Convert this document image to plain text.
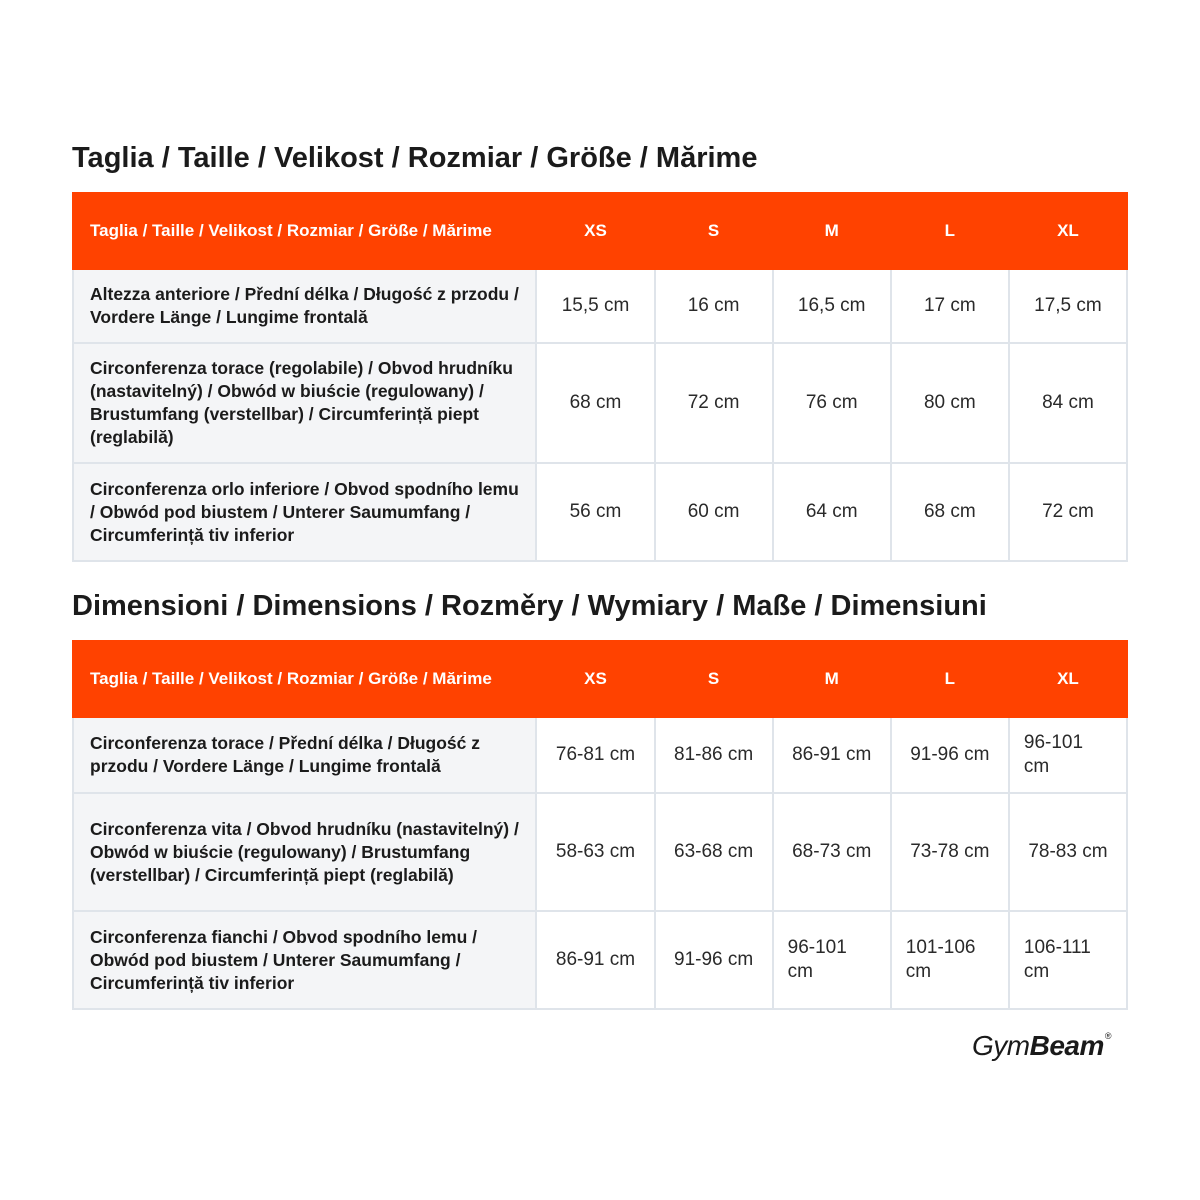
Taglia / Taille / Velikost / Rozmiar / Größe / Mărime
Taglia / Taille / Velikost / Rozmiar / Größe / Mărime	XS	S	M	L	XL
Altezza anteriore / Přední délka / Długość z przodu / Vordere Länge / Lungime frontală	15,5 cm	16 cm	16,5 cm	17 cm	17,5 cm
Circonferenza torace (regolabile) / Obvod hrudníku (nastavitelný) / Obwód w biuście (regulowany) / Brustumfang (verstellbar) / Circumferință piept (reglabilă)	68 cm	72 cm	76 cm	80 cm	84 cm
Circonferenza orlo inferiore / Obvod spodního lemu / Obwód pod biustem / Unterer Saumumfang / Circumferință tiv inferior	56 cm	60 cm	64 cm	68 cm	72 cm
Dimensioni / Dimensions / Rozměry / Wymiary / Maße / Dimensiuni
Taglia / Taille / Velikost / Rozmiar / Größe / Mărime	XS	S	M	L	XL
Circonferenza torace / Přední délka / Długość z przodu / Vordere Länge / Lungime frontală	76-81 cm	81-86 cm	86-91 cm	91-96 cm	96-101 cm
Circonferenza vita / Obvod hrudníku (nastavitelný) / Obwód w biuście (regulowany) / Brustumfang (verstellbar) / Circumferință piept (reglabilă)	58-63 cm	63-68 cm	68-73 cm	73-78 cm	78-83 cm
Circonferenza fianchi / Obvod spodního lemu / Obwód pod biustem / Unterer Saumumfang / Circumferință tiv inferior	86-91 cm	91-96 cm	96-101 cm	101-106 cm	106-111 cm
GymBeam®
